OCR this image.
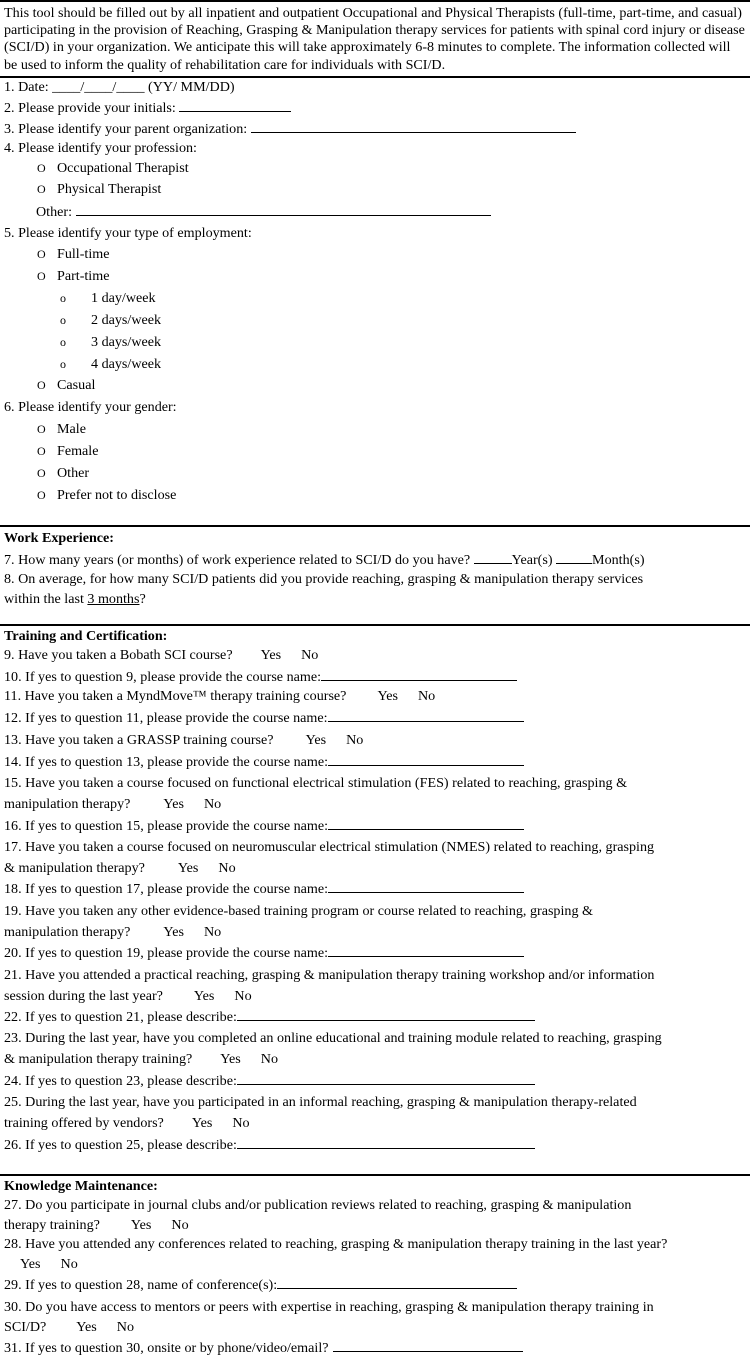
This tool should be filled out by all inpatient and outpatient Occupational and Physical Therapists (full-time, part-time, and casual) participating in the provision of Reaching, Grasping & Manipulation therapy services for patients with spinal cord injury or disease (SCI/D) in your organization. We anticipate this will take approximately 6-8 minutes to complete. The information collected will be used to inform the quality of rehabilitation care for individuals with SCI/D.
1. Date: ____/____/____ (YY/ MM/DD)
2. Please provide your initials:
3. Please identify your parent organization:
4. Please identify your profession:
O Occupational Therapist
O Physical Therapist
Other:
5. Please identify your type of employment:
O Full-time
O Part-time
o 1 day/week
o 2 days/week
o 3 days/week
o 4 days/week
O Casual
6. Please identify your gender:
O Male
O Female
O Other
O Prefer not to disclose
Work Experience:
7. How many years (or months) of work experience related to SCI/D do you have?	Year(s)	Month(s)
8. On average, for how many SCI/D patients did you provide reaching, grasping & manipulation therapy services
within the last 3 months?
Training and Certification:
9. Have you taken a Bobath SCI course? Yes No
10. If yes to question 9, please provide the course name:
11. Have you taken a MyndMove™ therapy training course? Yes No
12. If yes to question 11, please provide the course name:
13. Have you taken a GRASSP training course? Yes No
14. If yes to question 13, please provide the course name:
15. Have you taken a course focused on functional electrical stimulation (FES) related to reaching, grasping &
manipulation therapy? Yes No
16. If yes to question 15, please provide the course name:
17. Have you taken a course focused on neuromuscular electrical stimulation (NMES) related to reaching, grasping
& manipulation therapy? Yes No
18. If yes to question 17, please provide the course name:
19. Have you taken any other evidence-based training program or course related to reaching, grasping &
manipulation therapy? Yes No
20. If yes to question 19, please provide the course name:
21. Have you attended a practical reaching, grasping & manipulation therapy training workshop and/or information
session during the last year? Yes No
22. If yes to question 21, please describe:
23. During the last year, have you completed an online educational and training module related to reaching, grasping
& manipulation therapy training? Yes No
24. If yes to question 23, please describe:
25. During the last year, have you participated in an informal reaching, grasping & manipulation therapy-related
training offered by vendors? Yes No
26. If yes to question 25, please describe:
Knowledge Maintenance:
27. Do you participate in journal clubs and/or publication reviews related to reaching, grasping & manipulation
therapy training? Yes No
28. Have you attended any conferences related to reaching, grasping & manipulation therapy training in the last year?
Yes No
29. If yes to question 28, name of conference(s):
30. Do you have access to mentors or peers with expertise in reaching, grasping & manipulation therapy training in
SCI/D? Yes No
31. If yes to question 30, onsite or by phone/video/email?
